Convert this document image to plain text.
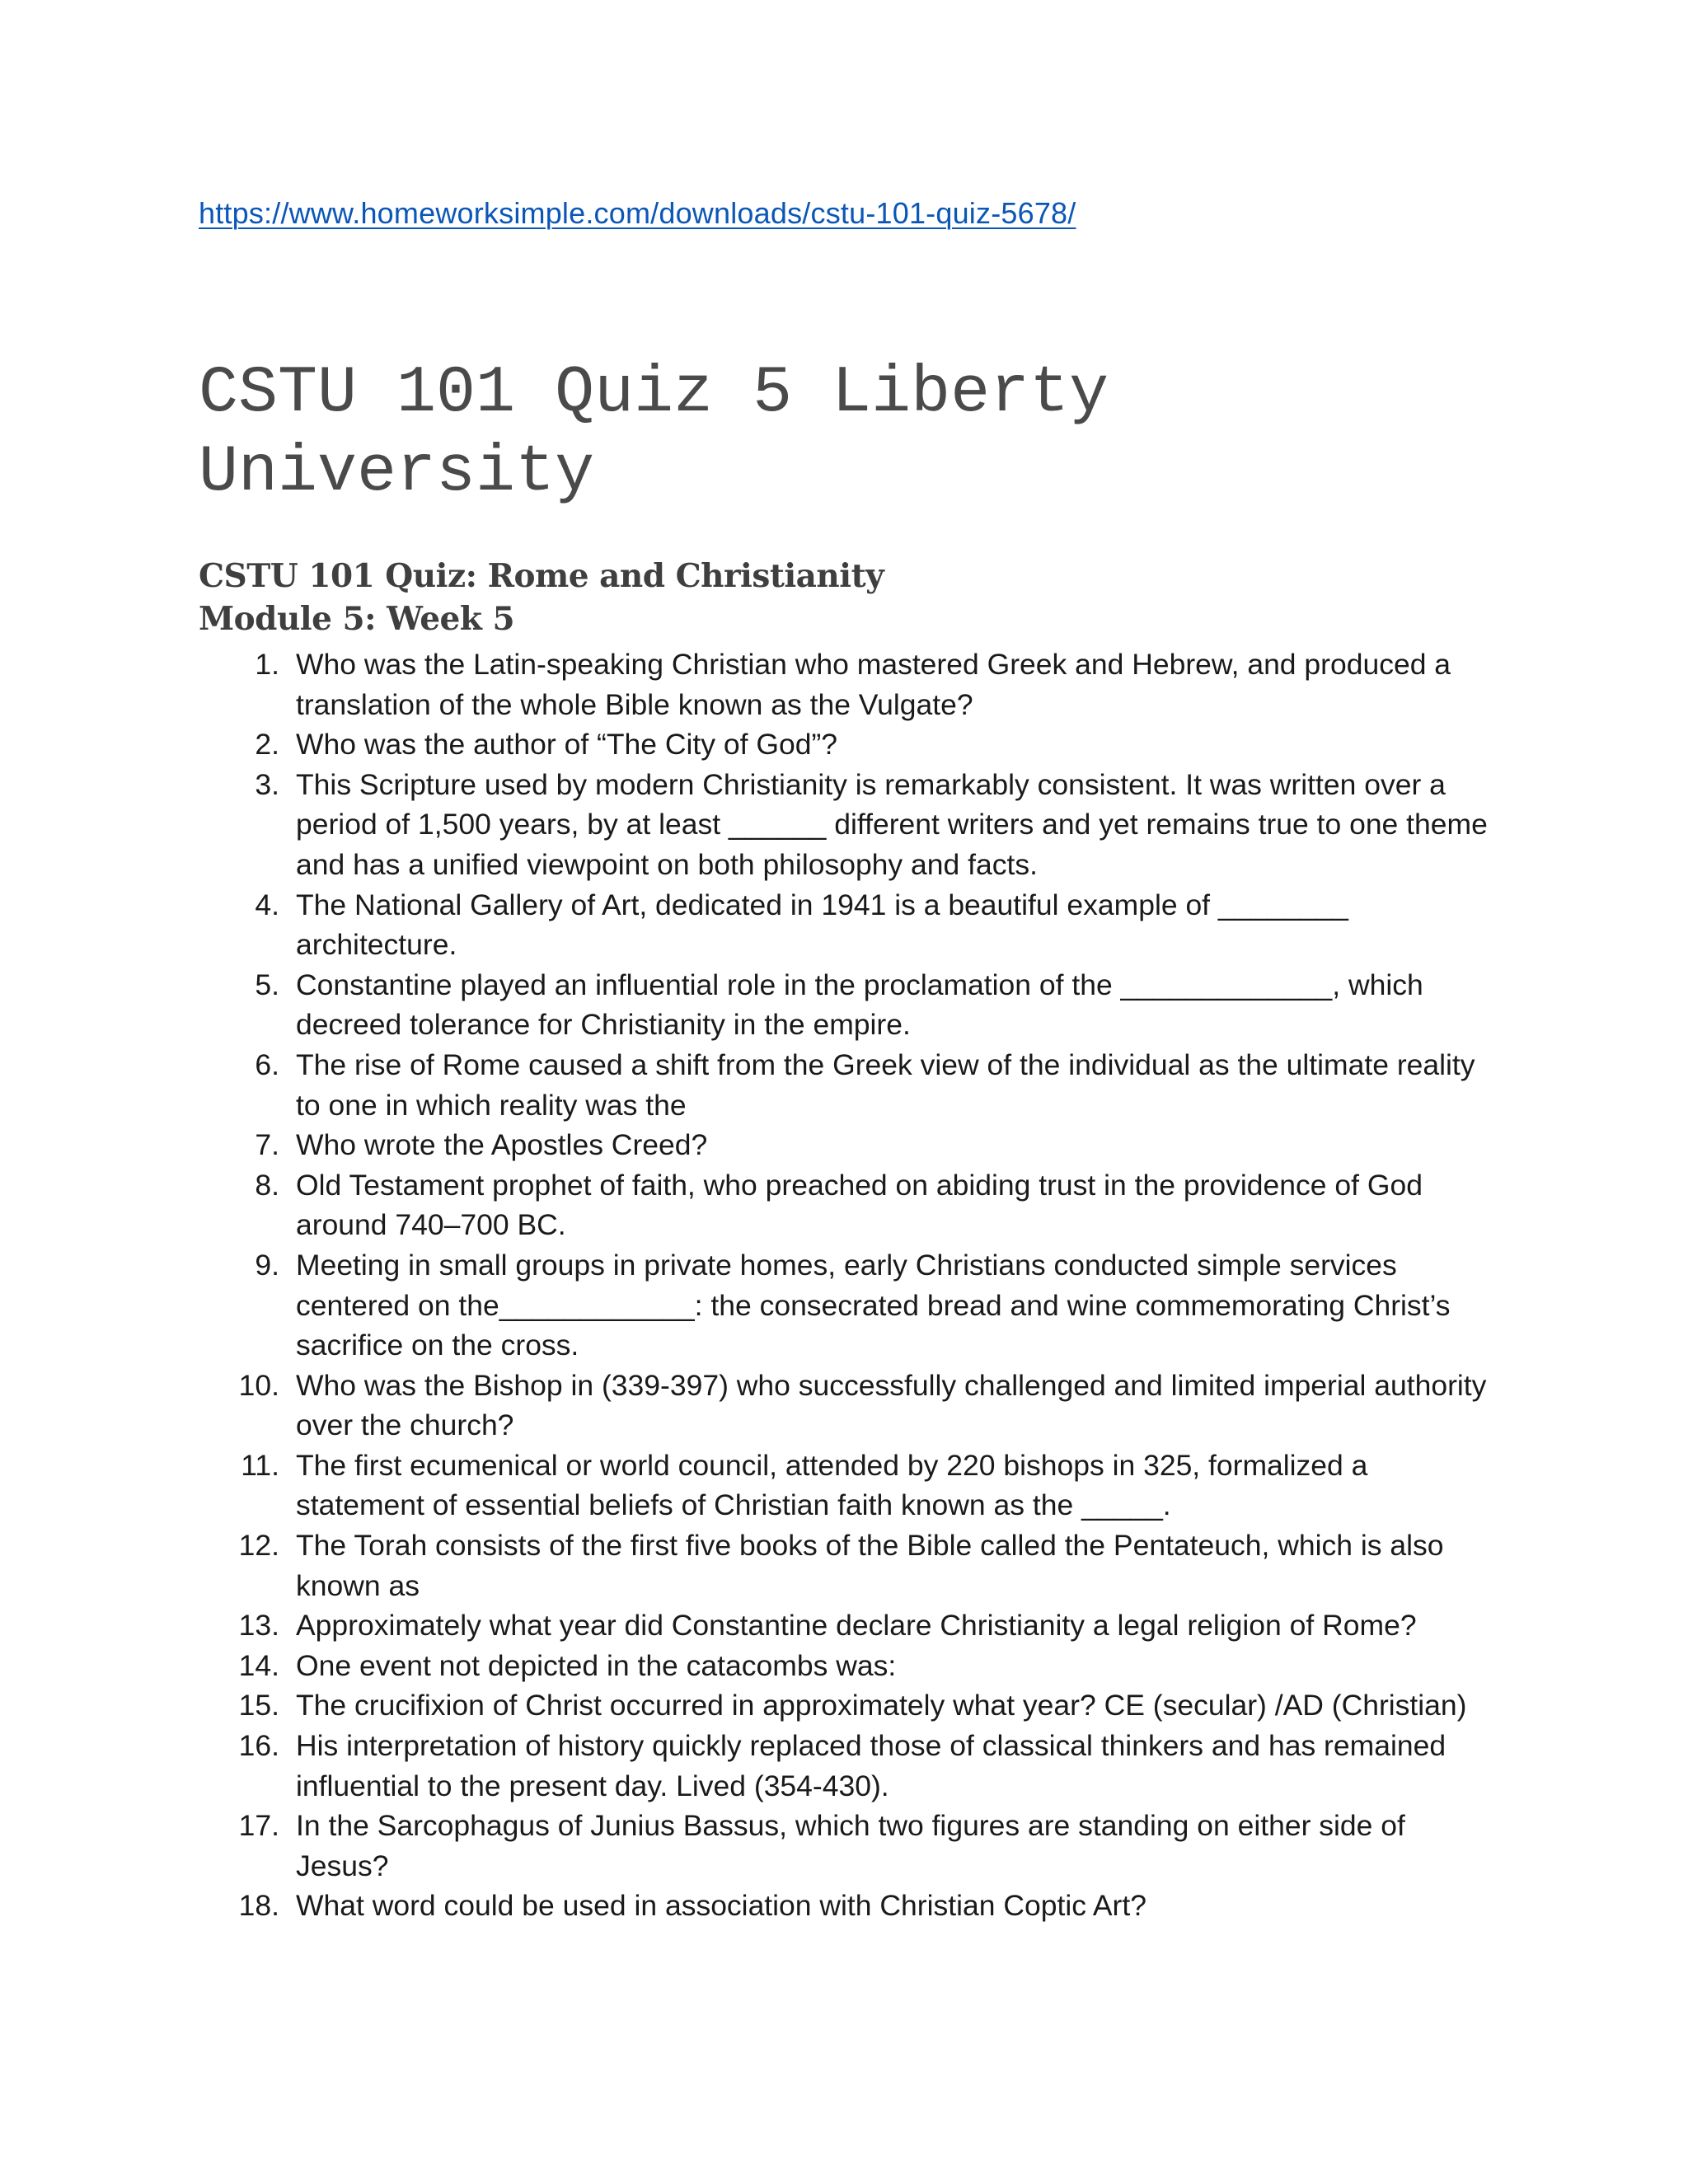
https://www.homeworksimple.com/downloads/cstu-101-quiz-5678/
CSTU 101 Quiz 5 Liberty University
CSTU 101 Quiz: Rome and Christianity
Module 5: Week 5
1. Who was the Latin-speaking Christian who mastered Greek and Hebrew, and produced a translation of the whole Bible known as the Vulgate?
2. Who was the author of “The City of God”?
3. This Scripture used by modern Christianity is remarkably consistent. It was written over a period of 1,500 years, by at least ______ different writers and yet remains true to one theme and has a unified viewpoint on both philosophy and facts.
4. The National Gallery of Art, dedicated in 1941 is a beautiful example of ________ architecture.
5. Constantine played an influential role in the proclamation of the _____________, which decreed tolerance for Christianity in the empire.
6. The rise of Rome caused a shift from the Greek view of the individual as the ultimate reality to one in which reality was the
7. Who wrote the Apostles Creed?
8. Old Testament prophet of faith, who preached on abiding trust in the providence of God around 740–700 BC.
9. Meeting in small groups in private homes, early Christians conducted simple services centered on the____________: the consecrated bread and wine commemorating Christ’s sacrifice on the cross.
10. Who was the Bishop in (339-397) who successfully challenged and limited imperial authority over the church?
11. The first ecumenical or world council, attended by 220 bishops in 325, formalized a statement of essential beliefs of Christian faith known as the _____.
12. The Torah consists of the first five books of the Bible called the Pentateuch, which is also known as
13. Approximately what year did Constantine declare Christianity a legal religion of Rome?
14. One event not depicted in the catacombs was:
15. The crucifixion of Christ occurred in approximately what year? CE (secular) /AD (Christian)
16. His interpretation of history quickly replaced those of classical thinkers and has remained influential to the present day. Lived (354-430).
17. In the Sarcophagus of Junius Bassus, which two figures are standing on either side of Jesus?
18. What word could be used in association with Christian Coptic Art?
